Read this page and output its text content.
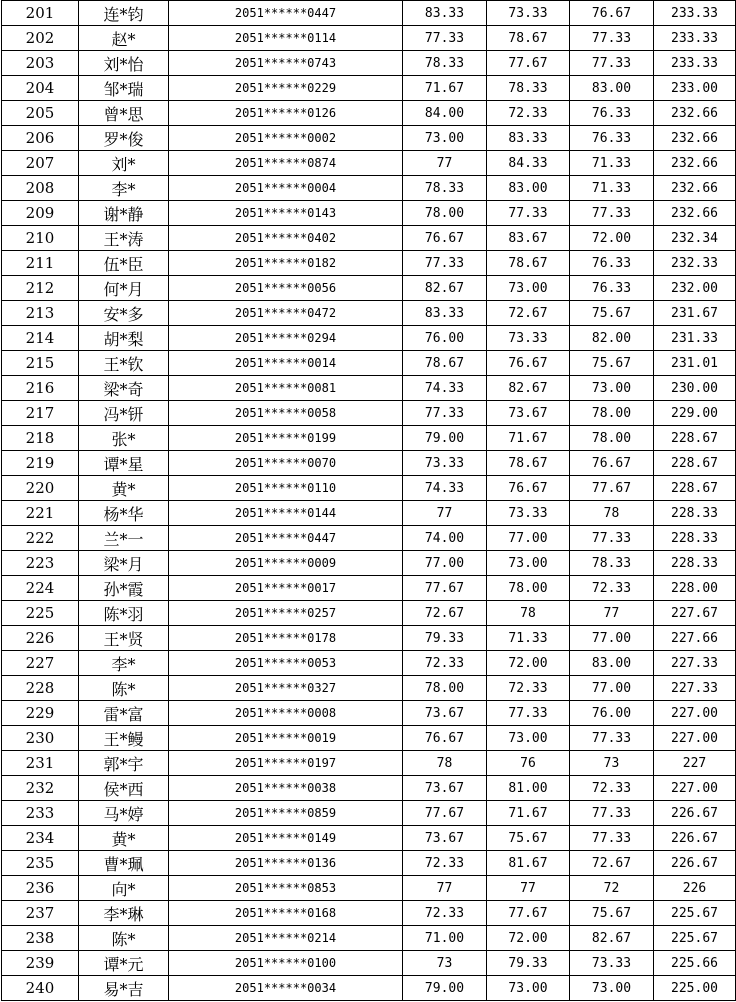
201	连*钧	2051******0447	83.33	73.33	76.67	233.33
202	赵*	2051******0114	77.33	78.67	77.33	233.33
203	刘*怡	2051******0743	78.33	77.67	77.33	233.33
204	邹*瑞	2051******0229	71.67	78.33	83.00	233.00
205	曾*思	2051******0126	84.00	72.33	76.33	232.66
206	罗*俊	2051******0002	73.00	83.33	76.33	232.66
207	刘*	2051******0874	77	84.33	71.33	232.66
208	李*	2051******0004	78.33	83.00	71.33	232.66
209	谢*静	2051******0143	78.00	77.33	77.33	232.66
210	王*涛	2051******0402	76.67	83.67	72.00	232.34
211	伍*臣	2051******0182	77.33	78.67	76.33	232.33
212	何*月	2051******0056	82.67	73.00	76.33	232.00
213	安*多	2051******0472	83.33	72.67	75.67	231.67
214	胡*梨	2051******0294	76.00	73.33	82.00	231.33
215	王*钦	2051******0014	78.67	76.67	75.67	231.01
216	梁*奇	2051******0081	74.33	82.67	73.00	230.00
217	冯*钘	2051******0058	77.33	73.67	78.00	229.00
218	张*	2051******0199	79.00	71.67	78.00	228.67
219	谭*星	2051******0070	73.33	78.67	76.67	228.67
220	黄*	2051******0110	74.33	76.67	77.67	228.67
221	杨*华	2051******0144	77	73.33	78	228.33
222	兰*一	2051******0447	74.00	77.00	77.33	228.33
223	梁*月	2051******0009	77.00	73.00	78.33	228.33
224	孙*霞	2051******0017	77.67	78.00	72.33	228.00
225	陈*羽	2051******0257	72.67	78	77	227.67
226	王*贤	2051******0178	79.33	71.33	77.00	227.66
227	李*	2051******0053	72.33	72.00	83.00	227.33
228	陈*	2051******0327	78.00	72.33	77.00	227.33
229	雷*富	2051******0008	73.67	77.33	76.00	227.00
230	王*鳗	2051******0019	76.67	73.00	77.33	227.00
231	郭*宇	2051******0197	78	76	73	227
232	侯*西	2051******0038	73.67	81.00	72.33	227.00
233	马*婷	2051******0859	77.67	71.67	77.33	226.67
234	黄*	2051******0149	73.67	75.67	77.33	226.67
235	曹*珮	2051******0136	72.33	81.67	72.67	226.67
236	向*	2051******0853	77	77	72	226
237	李*琳	2051******0168	72.33	77.67	75.67	225.67
238	陈*	2051******0214	71.00	72.00	82.67	225.67
239	谭*元	2051******0100	73	79.33	73.33	225.66
240	易*吉	2051******0034	79.00	73.00	73.00	225.00
